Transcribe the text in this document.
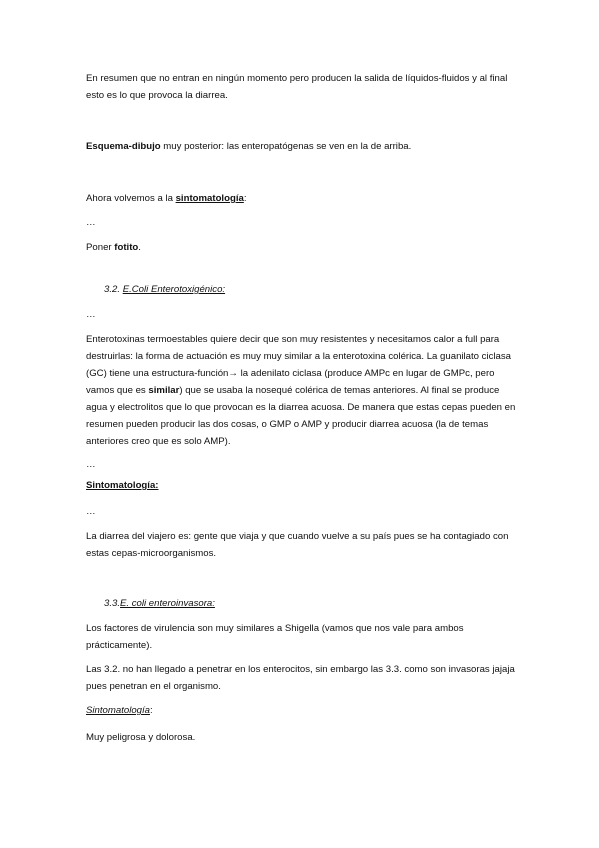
En resumen que no entran en ningún momento pero producen la salida de líquidos-fluidos y al final esto es lo que provoca la diarrea.

Esquema-dibujo muy posterior: las enteropatógenas se ven en la de arriba.

Ahora volvemos a la sintomatología:

…

Poner fotito.

3.2. E.Coli Enterotoxigénico:

…

Enterotoxinas termoestables quiere decir que son muy resistentes y necesitamos calor a full para destruirlas: la forma de actuación es muy muy similar a la enterotoxina colérica. La guanilato ciclasa (GC) tiene una estructura-función→ la adenilato ciclasa (produce AMPc en lugar de GMPc, pero vamos que es similar) que se usaba la nosequé colérica de temas anteriores. Al final se produce agua y electrolitos que lo que provocan es la diarrea acuosa. De manera que estas cepas pueden en resumen pueden producir las dos cosas, o GMP o AMP y producir diarrea acuosa (la de temas anteriores creo que es solo AMP).

…

Sintomatología:

…

La diarrea del viajero es: gente que viaja y que cuando vuelve a su país pues se ha contagiado con estas cepas-microorganismos.

3.3.E. coli enteroinvasora:

Los factores de virulencia son muy similares a Shigella (vamos que nos vale para ambos prácticamente).

Las 3.2. no han llegado a penetrar en los enterocitos, sin embargo las 3.3. como son invasoras jajaja pues penetran en el organismo.

Sintomatología:

Muy peligrosa y dolorosa.
